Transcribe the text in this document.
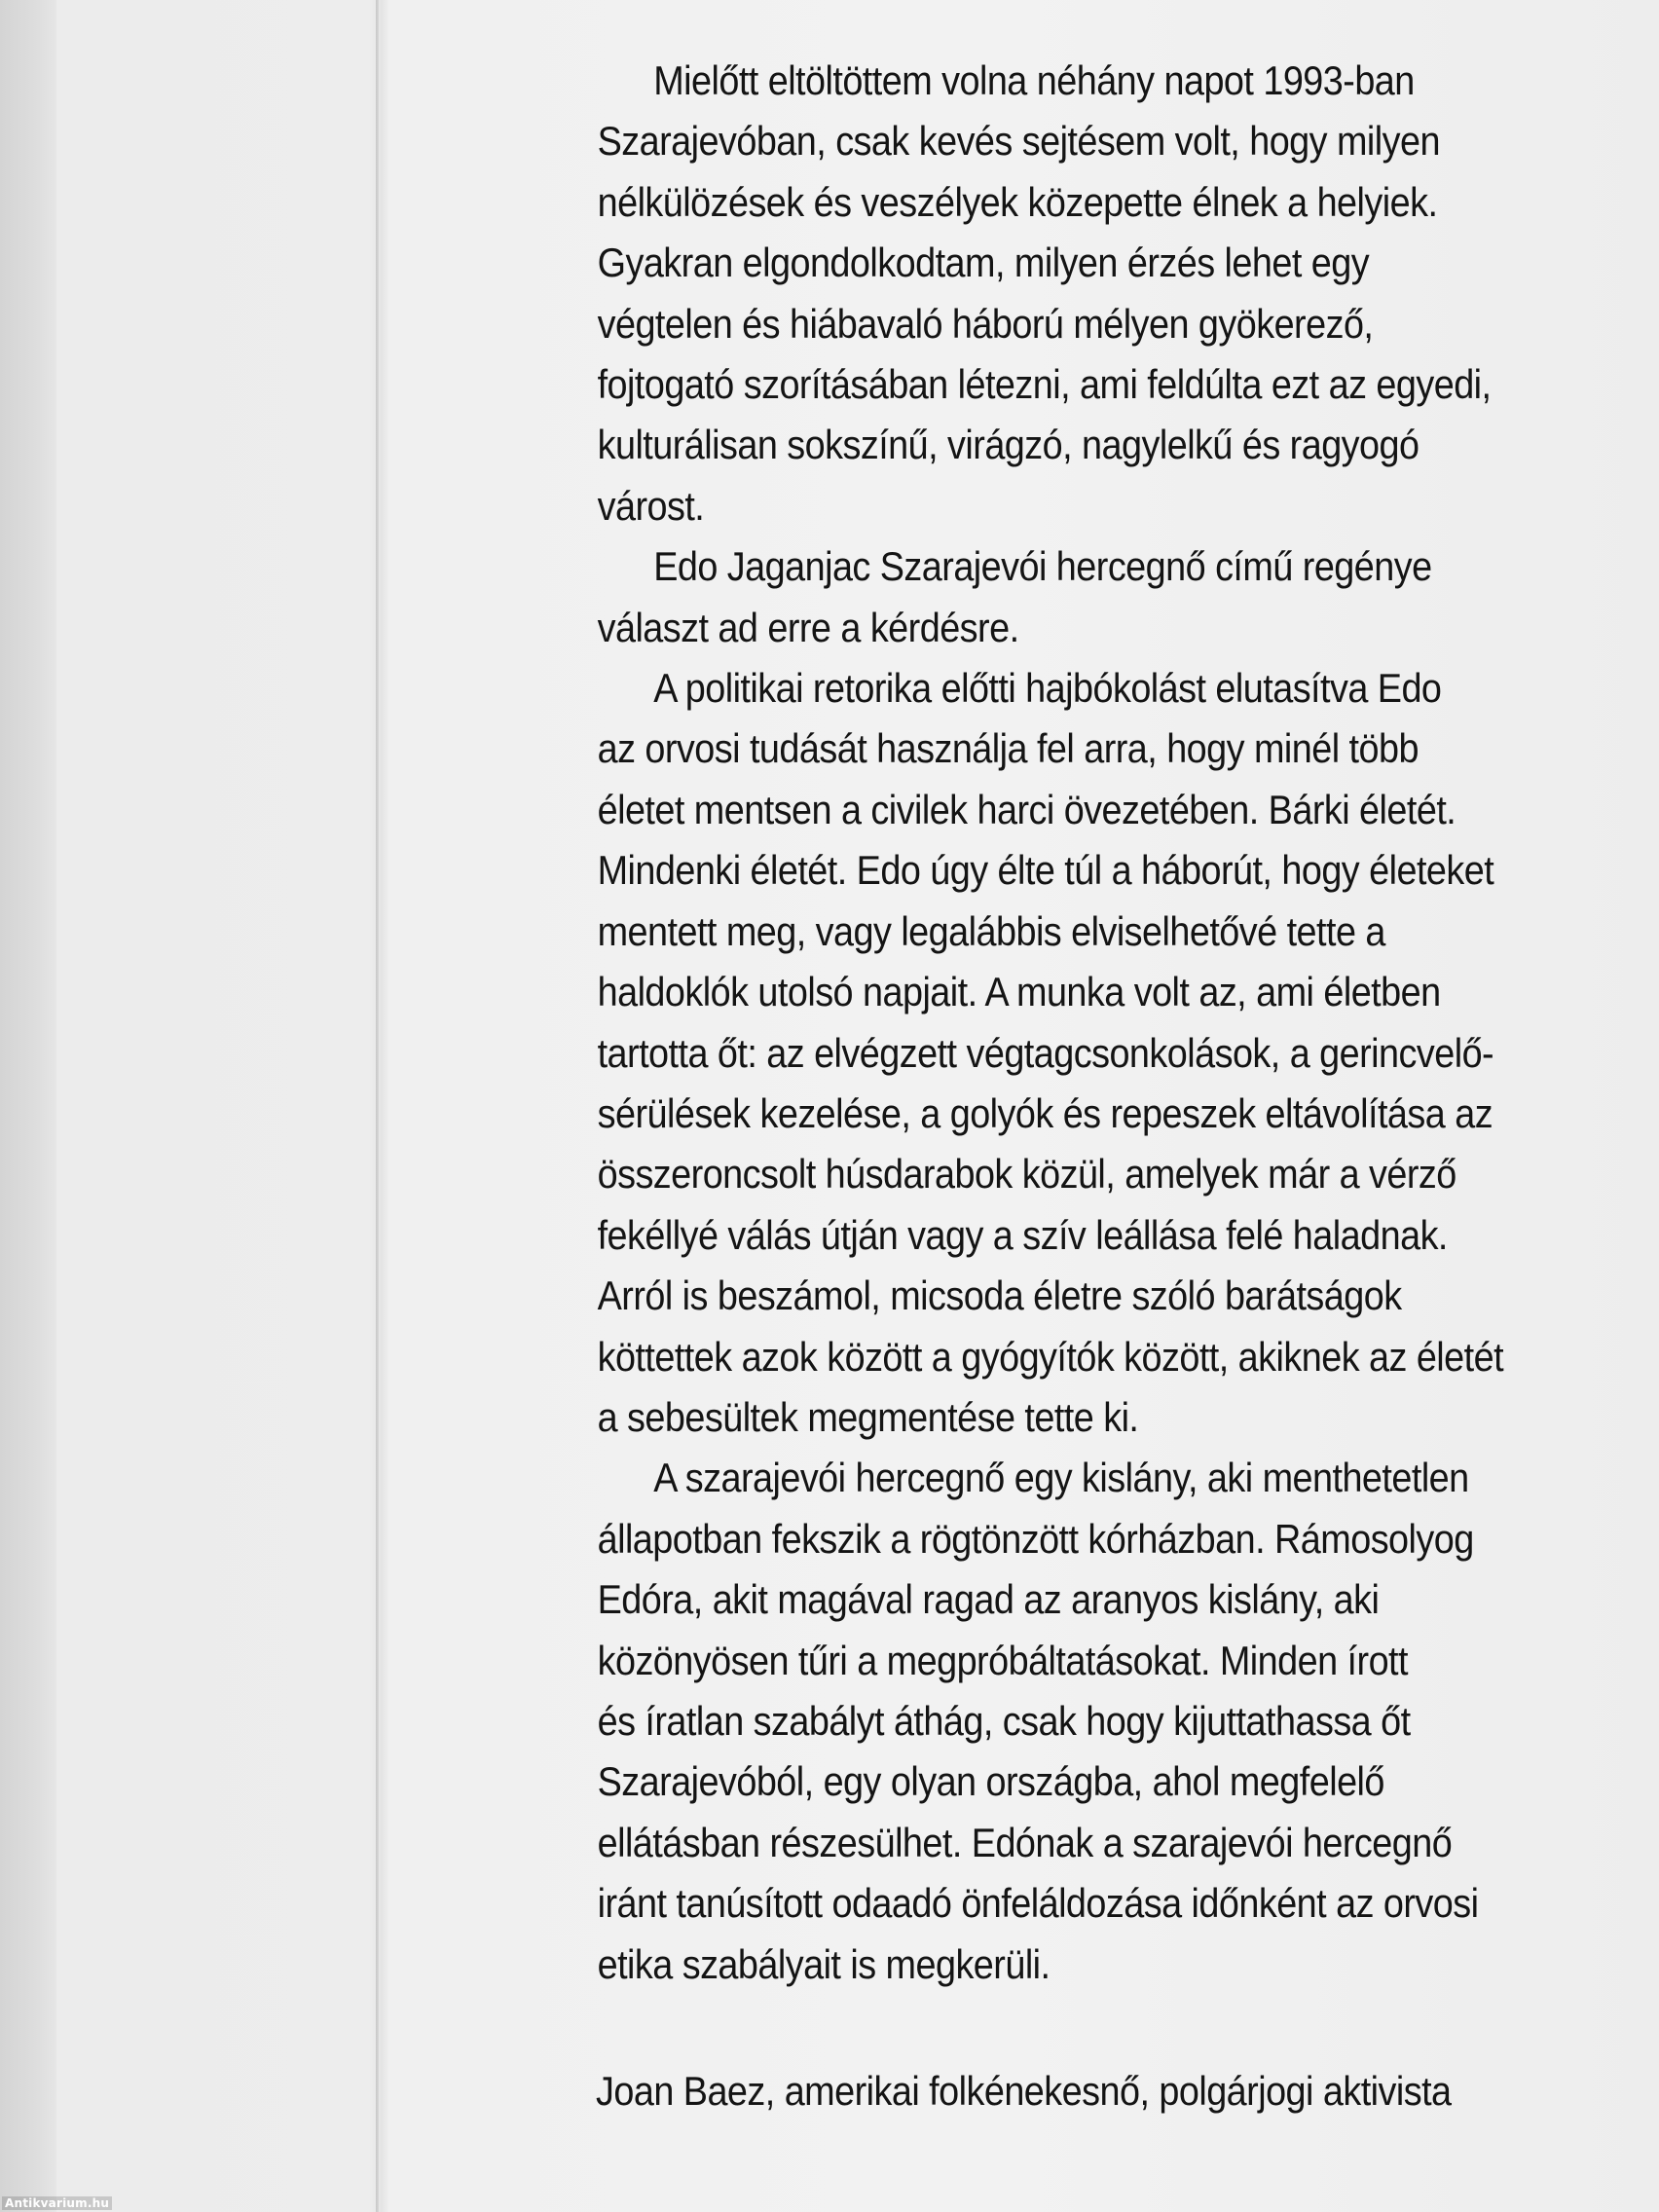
Mielőtt eltöltöttem volna néhány napot 1993-ban
Szarajevóban, csak kevés sejtésem volt, hogy milyen
nélkülözések és veszélyek közepette élnek a helyiek.
Gyakran elgondolkodtam, milyen érzés lehet egy
végtelen és hiábavaló háború mélyen gyökerező,
fojtogató szorításában létezni, ami feldúlta ezt az egyedi,
kulturálisan sokszínű, virágzó, nagylelkű és ragyogó
várost.

Edo Jaganjac Szarajevói hercegnő című regénye
választ ad erre a kérdésre.

A politikai retorika előtti hajbókolást elutasítva Edo
az orvosi tudását használja fel arra, hogy minél több
életet mentsen a civilek harci övezetében. Bárki életét.
Mindenki életét. Edo úgy élte túl a háborút, hogy életeket
mentett meg, vagy legalábbis elviselhetővé tette a
haldoklók utolsó napjait. A munka volt az, ami életben
tartotta őt: az elvégzett végtagcsonkolások, a gerincvelő-
sérülések kezelése, a golyók és repeszek eltávolítása az
összeroncsolt húsdarabok közül, amelyek már a vérző
fekéllyé válás útján vagy a szív leállása felé haladnak.
Arról is beszámol, micsoda életre szóló barátságok
köttettek azok között a gyógyítók között, akiknek az életét
a sebesültek megmentése tette ki.

A szarajevói hercegnő egy kislány, aki menthetetlen
állapotban fekszik a rögtönzött kórházban. Rámosolyog
Edóra, akit magával ragad az aranyos kislány, aki
közönyösen tűri a megpróbáltatásokat. Minden írott
és íratlan szabályt áthág, csak hogy kijuttathassa őt
Szarajevóból, egy olyan országba, ahol megfelelő
ellátásban részesülhet. Edónak a szarajevói hercegnő
iránt tanúsított odaadó önfeláldozása időnként az orvosi
etika szabályait is megkerüli.

Joan Baez, amerikai folkénekesnő, polgárjogi aktivista
Antikvarium.hu
